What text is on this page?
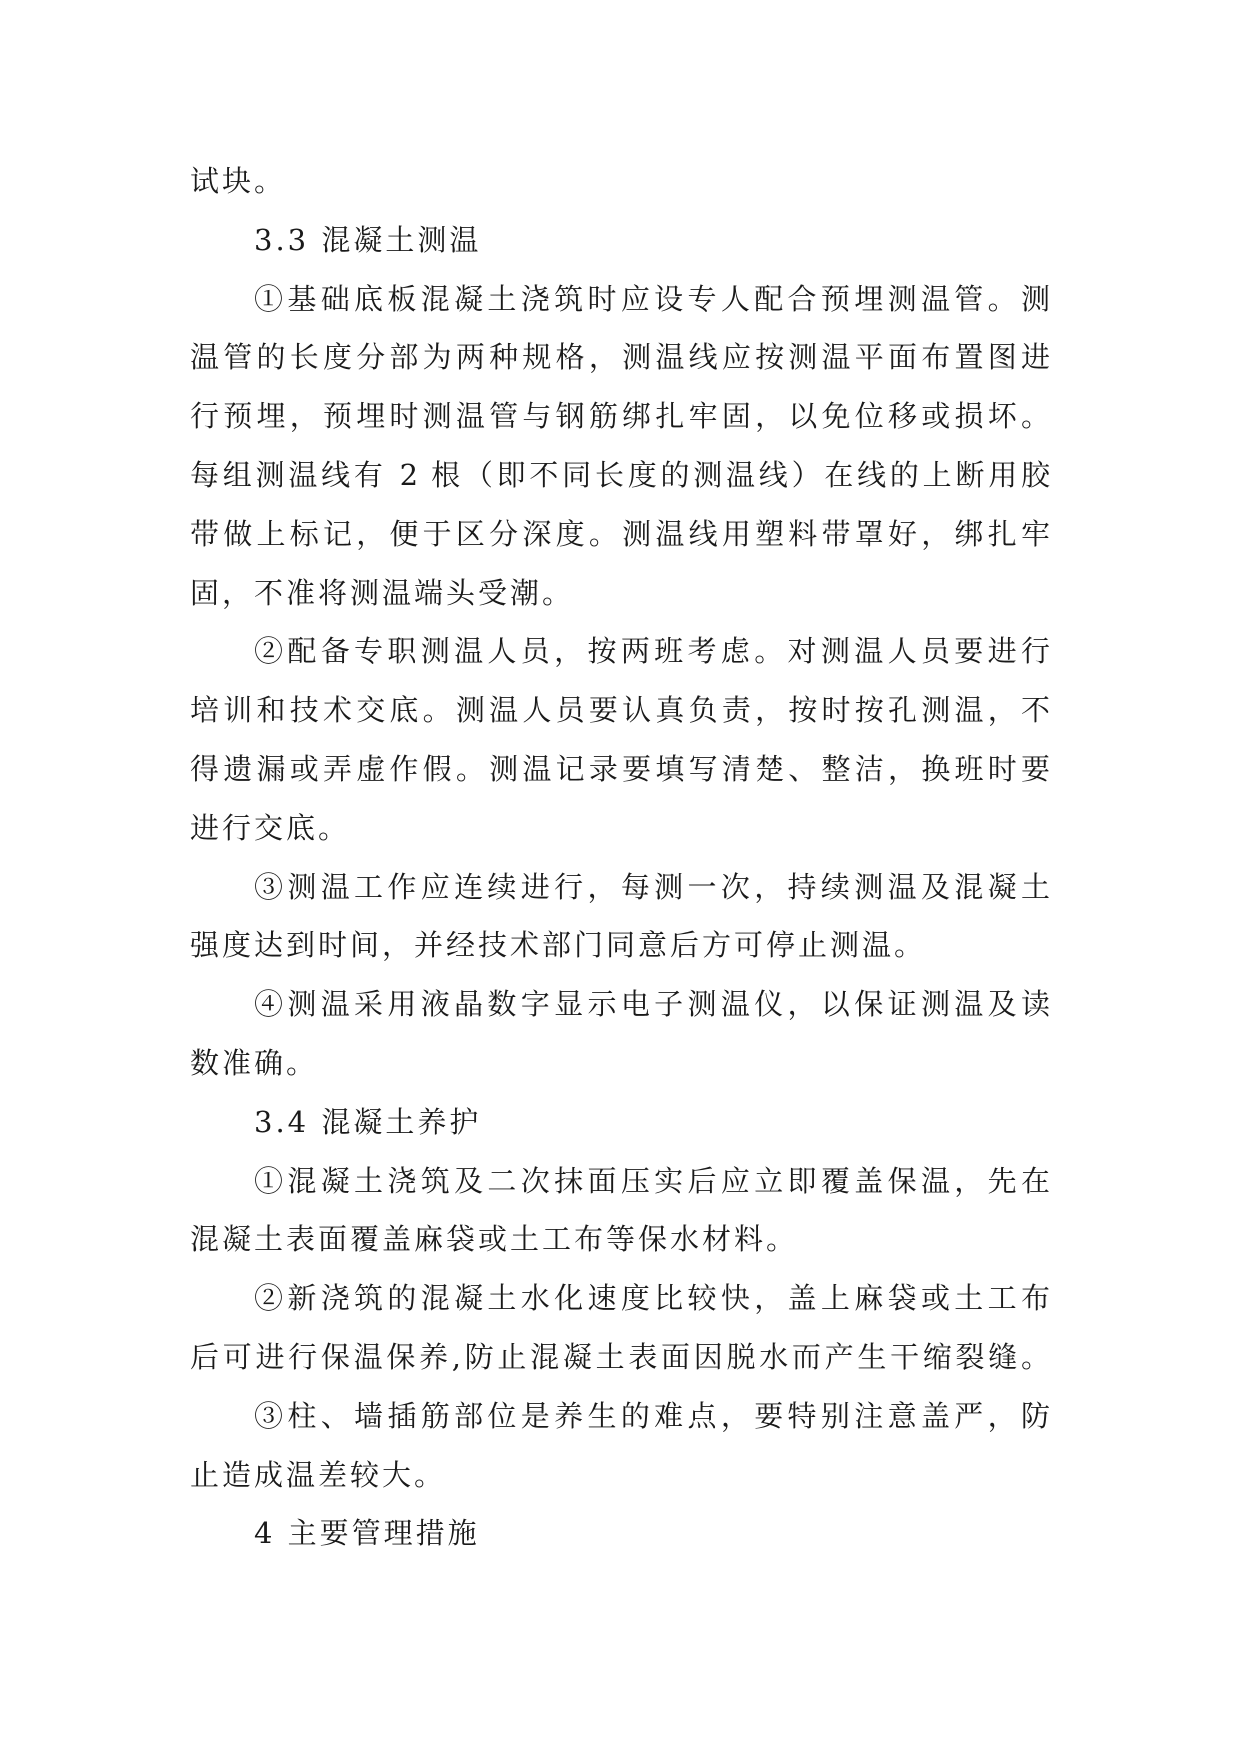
试块。
3.3 混凝土测温
①基础底板混凝土浇筑时应设专人配合预埋测温管。测
温管的长度分部为两种规格，测温线应按测温平面布置图进
行预埋，预埋时测温管与钢筋绑扎牢固，以免位移或损坏。
每组测温线有 2 根（即不同长度的测温线）在线的上断用胶
带做上标记，便于区分深度。测温线用塑料带罩好，绑扎牢
固，不准将测温端头受潮。
②配备专职测温人员，按两班考虑。对测温人员要进行
培训和技术交底。测温人员要认真负责，按时按孔测温，不
得遗漏或弄虚作假。测温记录要填写清楚、整洁，换班时要
进行交底。
③测温工作应连续进行，每测一次，持续测温及混凝土
强度达到时间，并经技术部门同意后方可停止测温。
④测温采用液晶数字显示电子测温仪，以保证测温及读
数准确。
3.4 混凝土养护
①混凝土浇筑及二次抹面压实后应立即覆盖保温，先在
混凝土表面覆盖麻袋或土工布等保水材料。
②新浇筑的混凝土水化速度比较快，盖上麻袋或土工布
后可进行保温保养,防止混凝土表面因脱水而产生干缩裂缝。
③柱、墙插筋部位是养生的难点，要特别注意盖严，防
止造成温差较大。
4 主要管理措施
